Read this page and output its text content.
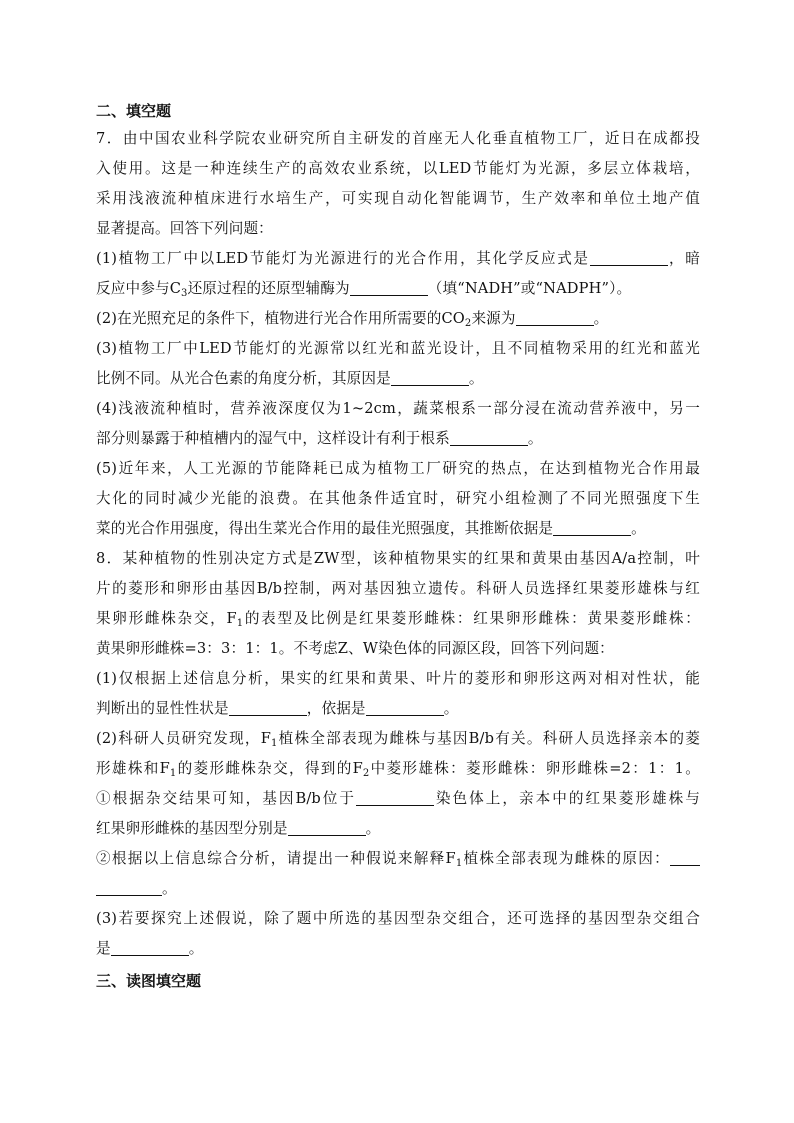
二、填空题
7．由中国农业科学院农业研究所自主研发的首座无人化垂直植物工厂，近日在成都投
入使用。这是一种连续生产的高效农业系统，以LED节能灯为光源，多层立体栽培，
采用浅液流种植床进行水培生产，可实现自动化智能调节，生产效率和单位土地产值
显著提高。回答下列问题：
(1)植物工厂中以LED节能灯为光源进行的光合作用，其化学反应式是	，暗
反应中参与$C_3$还原过程的还原型辅酶为	（填“NADH”或“NADPH”）。
(2)在光照充足的条件下，植物进行光合作用所需要的$CO_2$来源为	。
(3)植物工厂中LED节能灯的光源常以红光和蓝光设计，且不同植物采用的红光和蓝光
比例不同。从光合色素的角度分析，其原因是	。
(4)浅液流种植时，营养液深度仅为1~2cm，蔬菜根系一部分浸在流动营养液中，另一
部分则暴露于种植槽内的湿气中，这样设计有利于根系	。
(5)近年来，人工光源的节能降耗已成为植物工厂研究的热点，在达到植物光合作用最
大化的同时减少光能的浪费。在其他条件适宜时，研究小组检测了不同光照强度下生
菜的光合作用强度，得出生菜光合作用的最佳光照强度，其推断依据是	。
8．某种植物的性别决定方式是ZW型，该种植物果实的红果和黄果由基因A/a控制，叶
片的菱形和卵形由基因B/b控制，两对基因独立遗传。科研人员选择红果菱形雄株与红
果卵形雌株杂交，$F_1$的表型及比例是红果菱形雌株：红果卵形雌株：黄果菱形雌株：
黄果卵形雌株=3：3：1：1。不考虑Z、W染色体的同源区段，回答下列问题：
(1)仅根据上述信息分析，果实的红果和黄果、叶片的菱形和卵形这两对相对性状，能
判断出的显性性状是	，依据是	。
(2)科研人员研究发现，$F_1$植株全部表现为雌株与基因B/b有关。科研人员选择亲本的菱
形雄株和$F_1$的菱形雌株杂交，得到的$F_2$中菱形雄株：菱形雌株：卵形雌株=2：1：1。
①根据杂交结果可知，基因B/b位于	染色体上，亲本中的红果菱形雄株与
红果卵形雌株的基因型分别是	。
②根据以上信息综合分析，请提出一种假说来解释$F_1$植株全部表现为雌株的原因：
。
(3)若要探究上述假说，除了题中所选的基因型杂交组合，还可选择的基因型杂交组合
是	。
三、读图填空题
